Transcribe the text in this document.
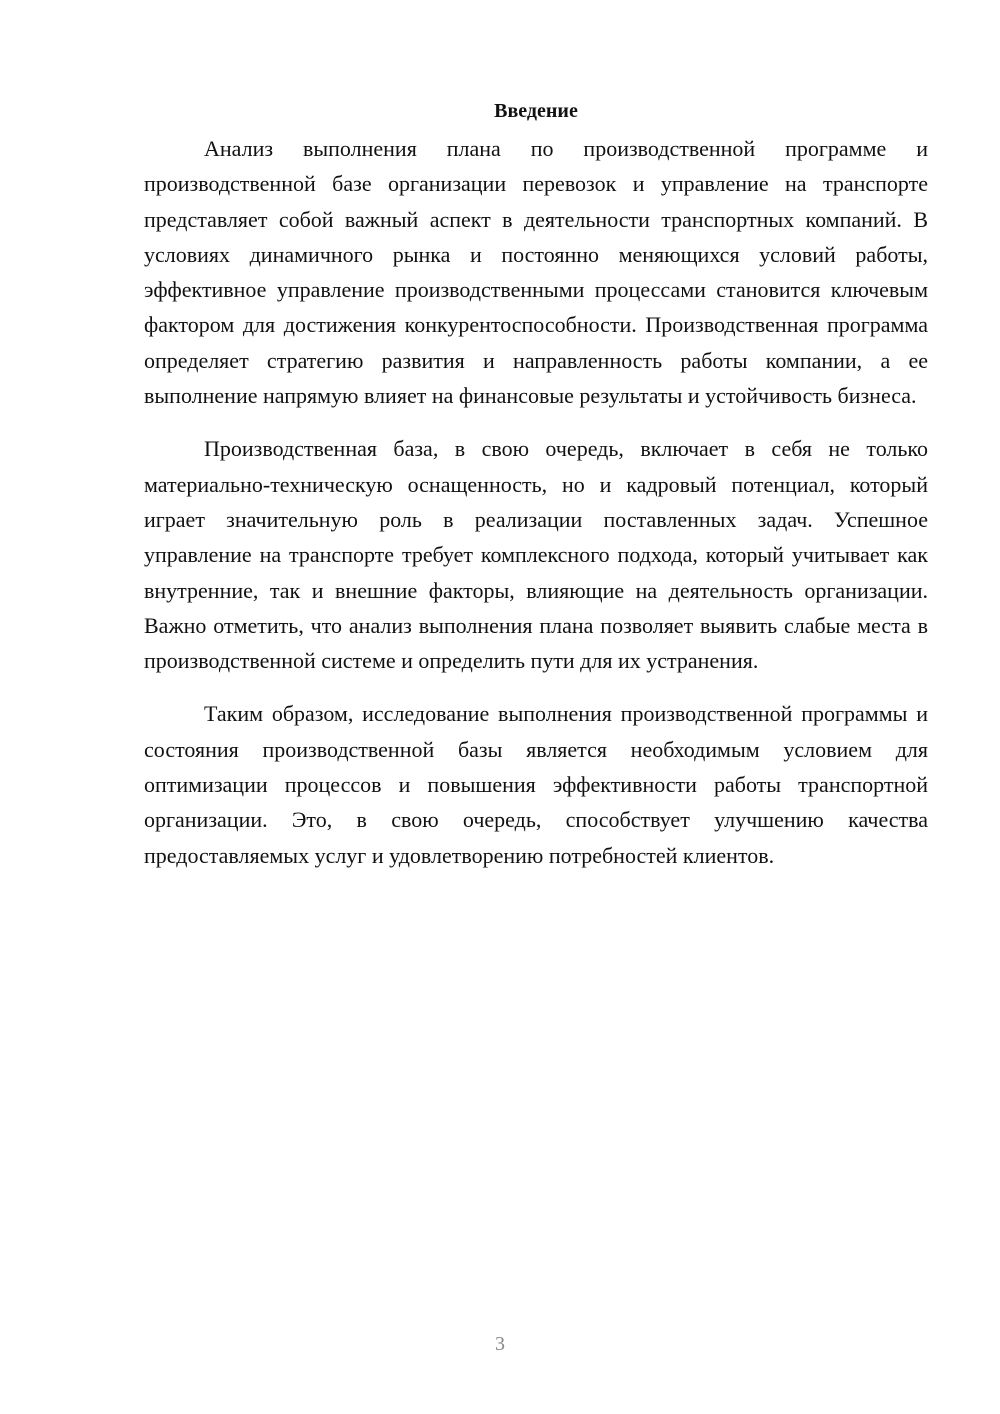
Введение

Анализ выполнения плана по производственной программе и производственной базе организации перевозок и управление на транспорте представляет собой важный аспект в деятельности транспортных компаний. В условиях динамичного рынка и постоянно меняющихся условий работы, эффективное управление производственными процессами становится ключевым фактором для достижения конкурентоспособности. Производственная программа определяет стратегию развития и направленность работы компании, а ее выполнение напрямую влияет на финансовые результаты и устойчивость бизнеса.

Производственная база, в свою очередь, включает в себя не только материально-техническую оснащенность, но и кадровый потенциал, который играет значительную роль в реализации поставленных задач. Успешное управление на транспорте требует комплексного подхода, который учитывает как внутренние, так и внешние факторы, влияющие на деятельность организации. Важно отметить, что анализ выполнения плана позволяет выявить слабые места в производственной системе и определить пути для их устранения.

Таким образом, исследование выполнения производственной программы и состояния производственной базы является необходимым условием для оптимизации процессов и повышения эффективности работы транспортной организации. Это, в свою очередь, способствует улучшению качества предоставляемых услуг и удовлетворению потребностей клиентов.

3
